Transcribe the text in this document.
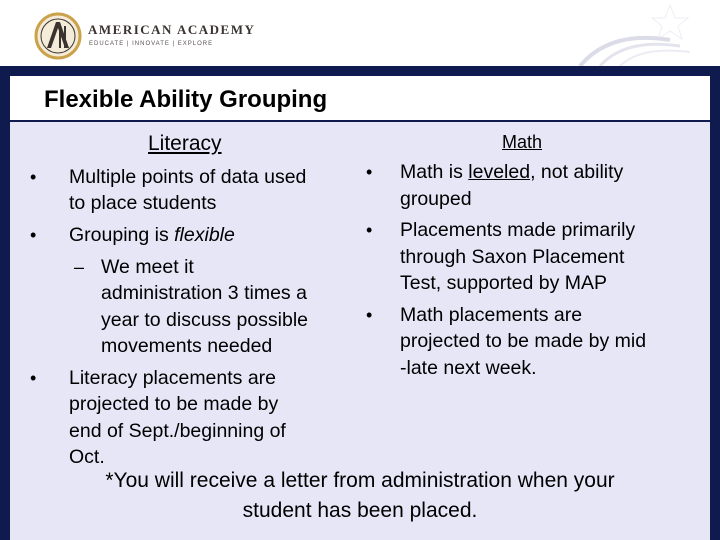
AMERICAN ACADEMY
EDUCATE | INNOVATE | EXPLORE
Flexible Ability Grouping
Literacy
• Multiple points of data used
to place students
• Grouping is flexible
– We meet it
administration 3 times a
year to discuss possible
movements needed
• Literacy placements are
projected to be made by
end of Sept./beginning of
Oct.
Math
• Math is leveled, not ability
grouped
• Placements made primarily
through Saxon Placement
Test, supported by MAP
• Math placements are
projected to be made by mid
-late next week.
*You will receive a letter from administration when your
student has been placed.
